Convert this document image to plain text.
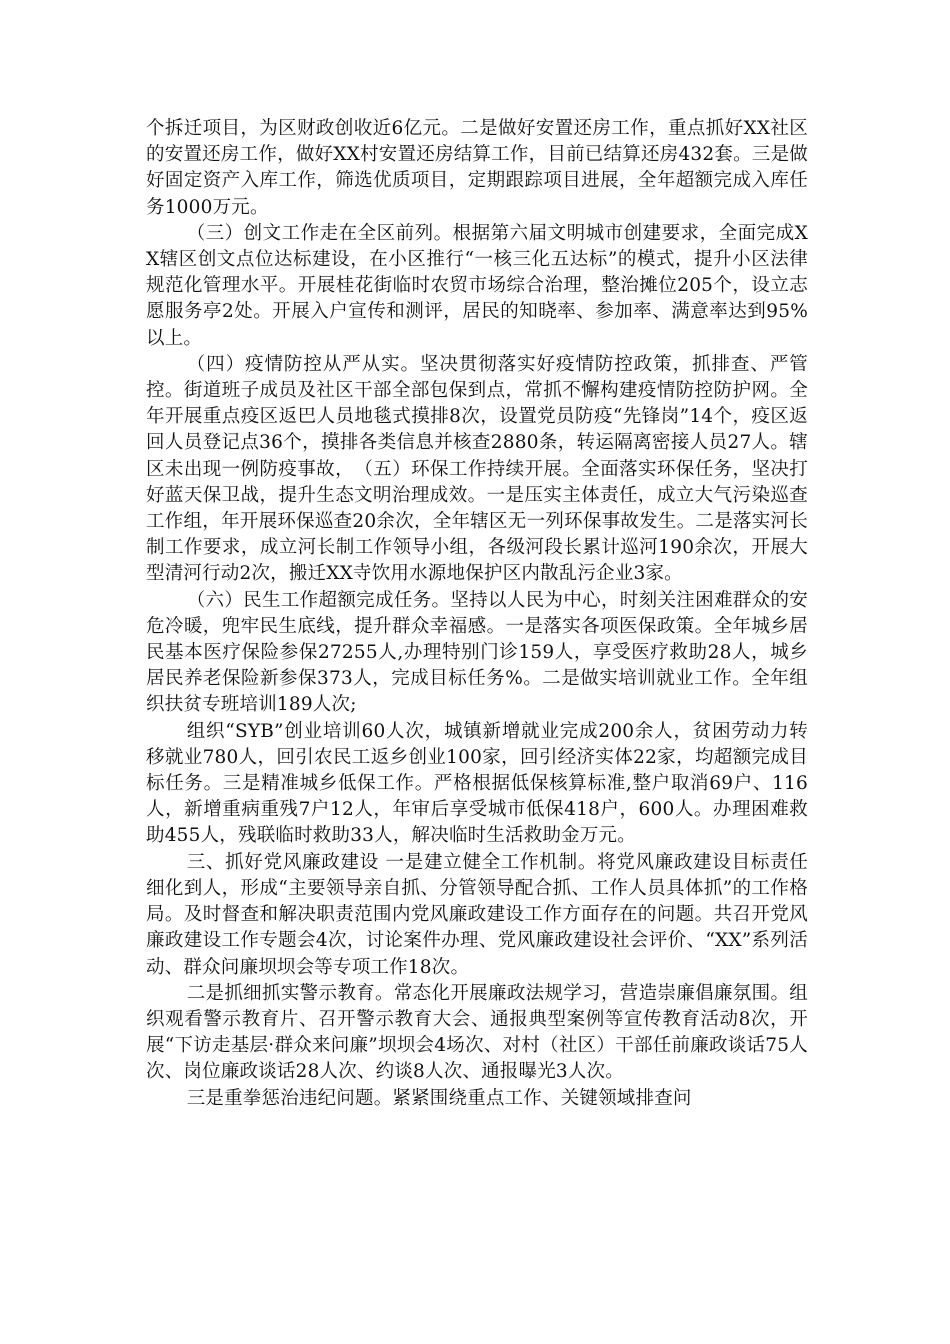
个拆迁项目，为区财政创收近6亿元。二是做好安置还房工作，重点抓好XX社区的安置还房工作，做好XX村安置还房结算工作，目前已结算还房432套。三是做好固定资产入库工作，筛选优质项目，定期跟踪项目进展，全年超额完成入库任务1000万元。

（三）创文工作走在全区前列。根据第六届文明城市创建要求，全面完成XX辖区创文点位达标建设，在小区推行“一核三化五达标”的模式，提升小区法律规范化管理水平。开展桂花街临时农贸市场综合治理，整治摊位205个，设立志愿服务亭2处。开展入户宣传和测评，居民的知晓率、参加率、满意率达到95%以上。

（四）疫情防控从严从实。坚决贯彻落实好疫情防控政策，抓排查、严管控。街道班子成员及社区干部全部包保到点，常抓不懈构建疫情防控防护网。全年开展重点疫区返巴人员地毯式摸排8次，设置党员防疫“先锋岗”14个，疫区返回人员登记点36个，摸排各类信息并核查2880条，转运隔离密接人员27人。辖区未出现一例防疫事故，　（五）环保工作持续开展。全面落实环保任务，坚决打好蓝天保卫战，提升生态文明治理成效。一是压实主体责任，成立大气污染巡查工作组，年开展环保巡查20余次，全年辖区无一列环保事故发生。二是落实河长制工作要求，成立河长制工作领导小组，各级河段长累计巡河190余次，开展大型清河行动2次，搬迁XX寺饮用水源地保护区内散乱污企业3家。

（六）民生工作超额完成任务。坚持以人民为中心，时刻关注困难群众的安危冷暖，兜牢民生底线，提升群众幸福感。一是落实各项医保政策。全年城乡居民基本医疗保险参保27255人,办理特别门诊159人，享受医疗救助28人，城乡居民养老保险新参保373人，完成目标任务%。二是做实培训就业工作。全年组织扶贫专班培训189人次;

组织“SYB”创业培训60人次，城镇新增就业完成200余人，贫困劳动力转移就业780人，回引农民工返乡创业100家，回引经济实体22家，均超额完成目标任务。三是精准城乡低保工作。严格根据低保核算标准,整户取消69户、116人，新增重病重残7户12人，年审后享受城市低保418户，600人。办理困难救助455人，残联临时救助33人，解决临时生活救助金万元。

三、抓好党风廉政建设 一是建立健全工作机制。将党风廉政建设目标责任细化到人，形成“主要领导亲自抓、分管领导配合抓、工作人员具体抓”的工作格局。及时督查和解决职责范围内党风廉政建设工作方面存在的问题。共召开党风廉政建设工作专题会4次，讨论案件办理、党风廉政建设社会评价、“XX”系列活动、群众问廉坝坝会等专项工作18次。

二是抓细抓实警示教育。常态化开展廉政法规学习，营造崇廉倡廉氛围。组织观看警示教育片、召开警示教育大会、通报典型案例等宣传教育活动8次，开展“下访走基层·群众来问廉”坝坝会4场次、对村（社区）干部任前廉政谈话75人次、岗位廉政谈话28人次、约谈8人次、通报曝光3人次。

三是重拳惩治违纪问题。紧紧围绕重点工作、关键领域排查问
